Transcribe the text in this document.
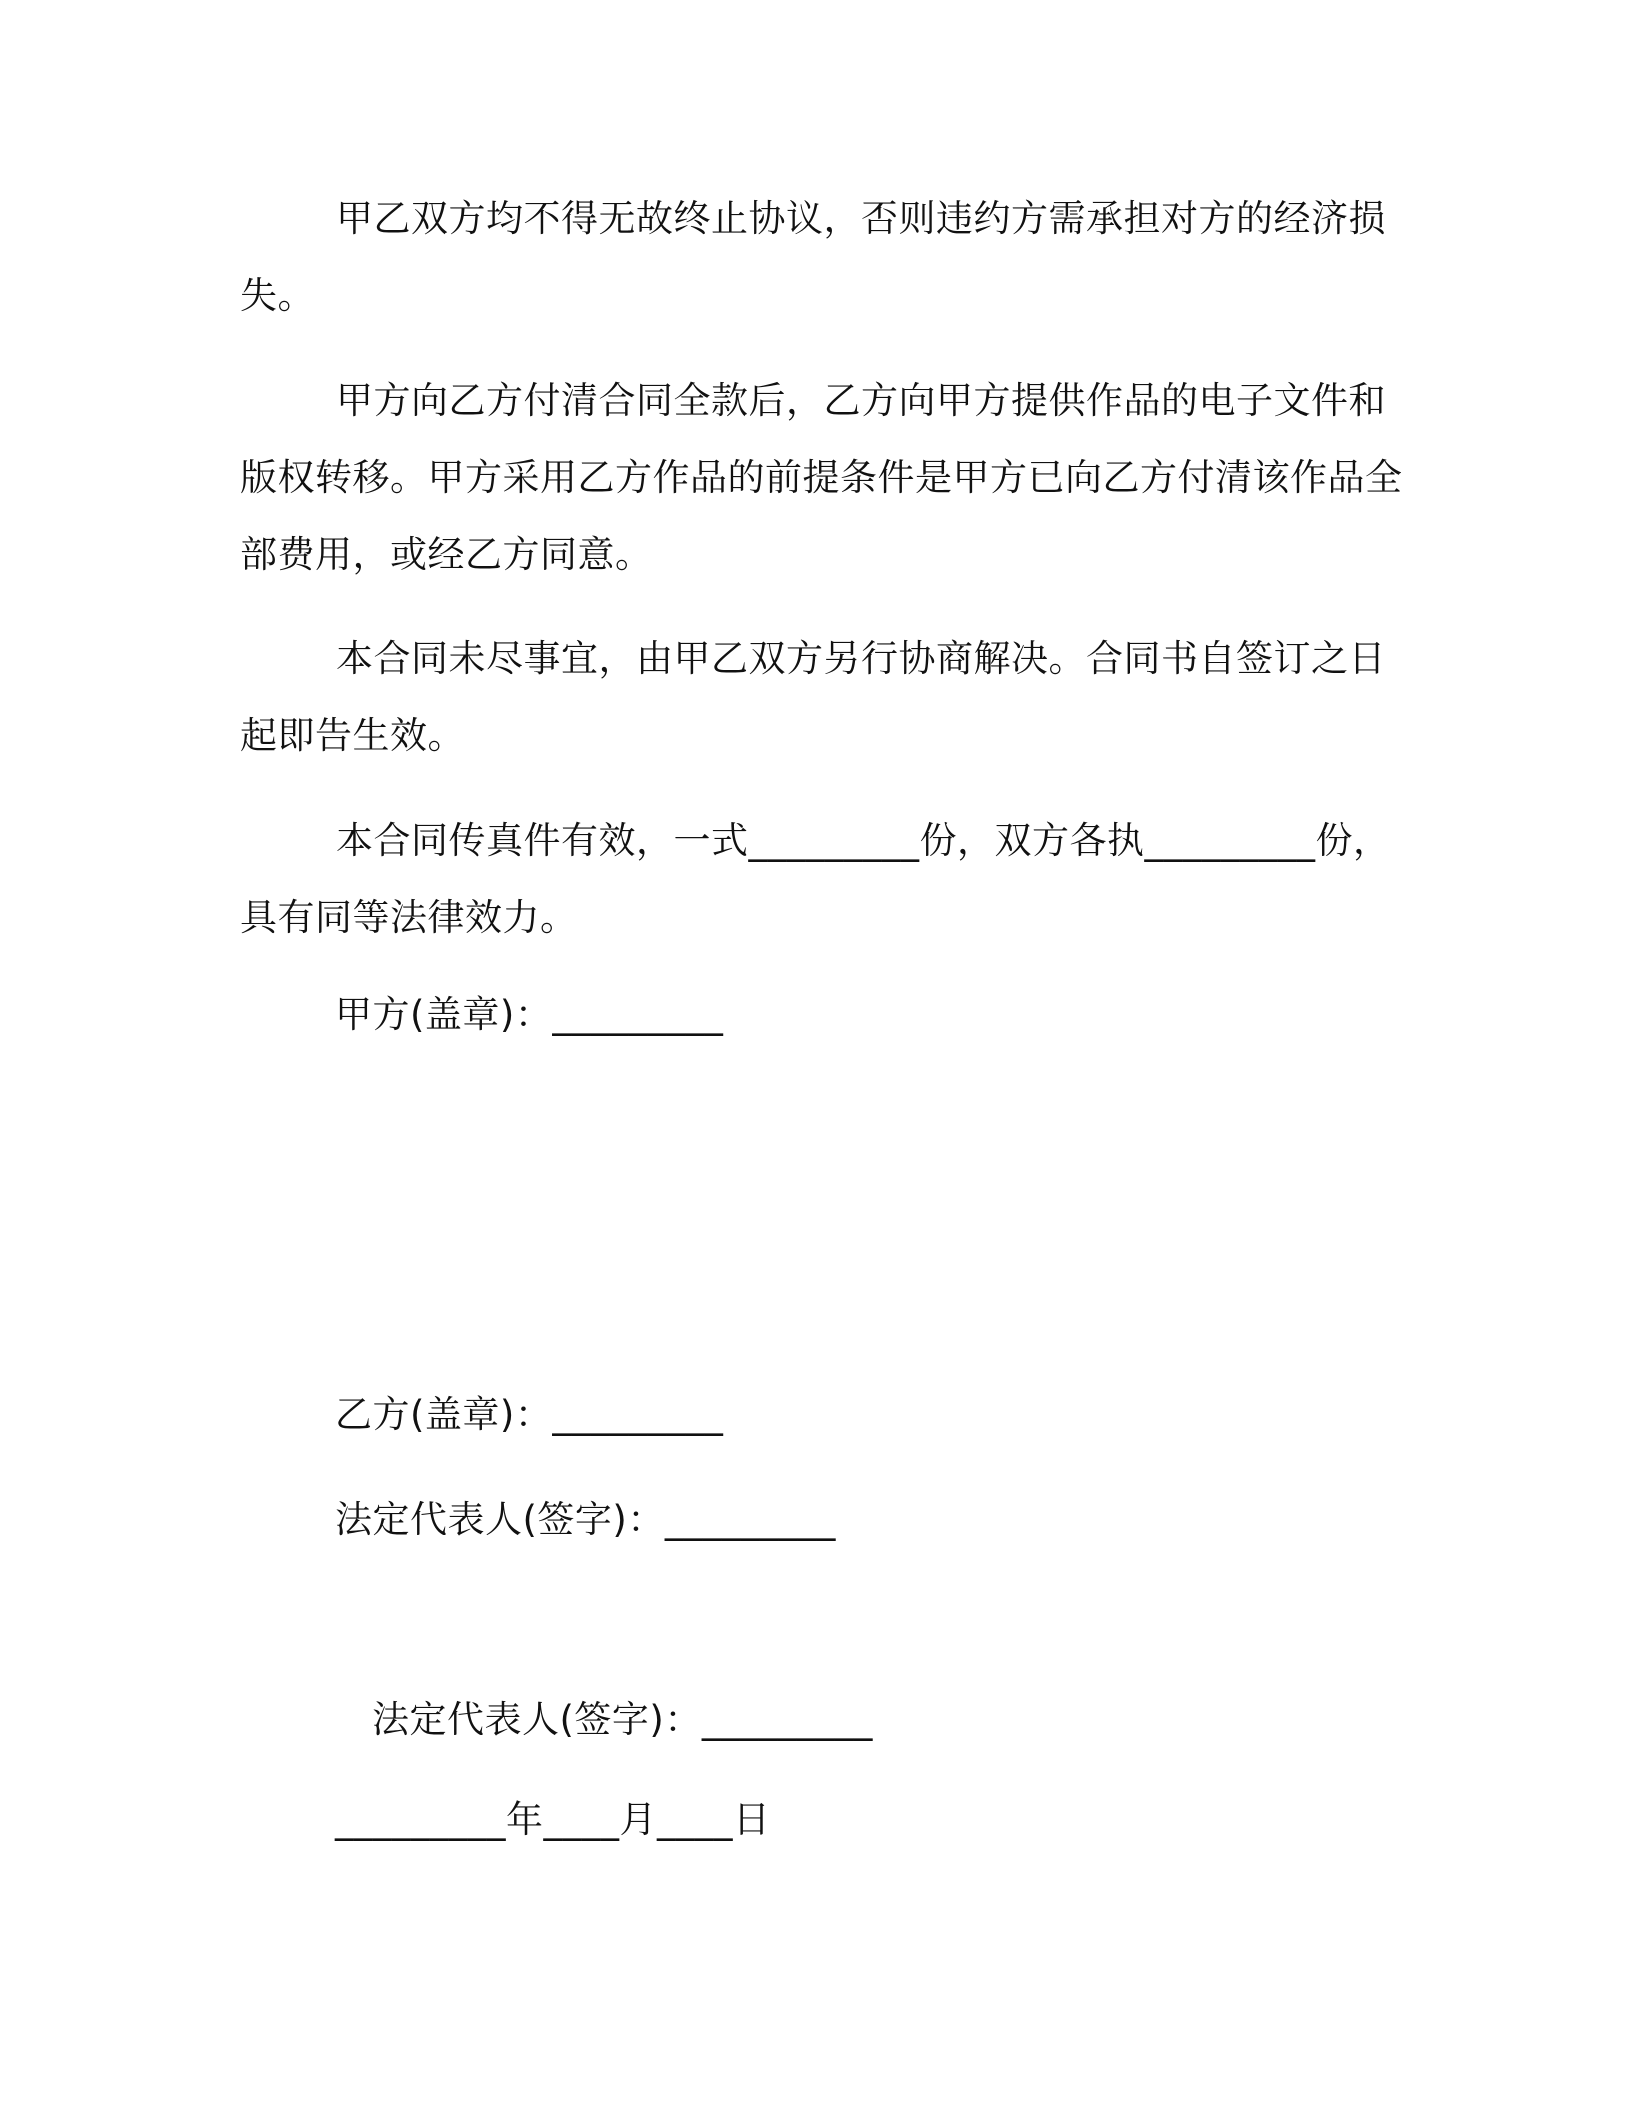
甲乙双方均不得无故终止协议，否则违约方需承担对方的经济损失。

甲方向乙方付清合同全款后，乙方向甲方提供作品的电子文件和版权转移。甲方采用乙方作品的前提条件是甲方已向乙方付清该作品全部费用，或经乙方同意。

本合同未尽事宜，由甲乙双方另行协商解决。合同书自签订之日起即告生效。

本合同传真件有效，一式_________份，双方各执_________份，具有同等法律效力。

甲方(盖章)：_________

乙方(盖章)：_________

法定代表人(签字)：_________

法定代表人(签字)：_________

_________年____月____日
